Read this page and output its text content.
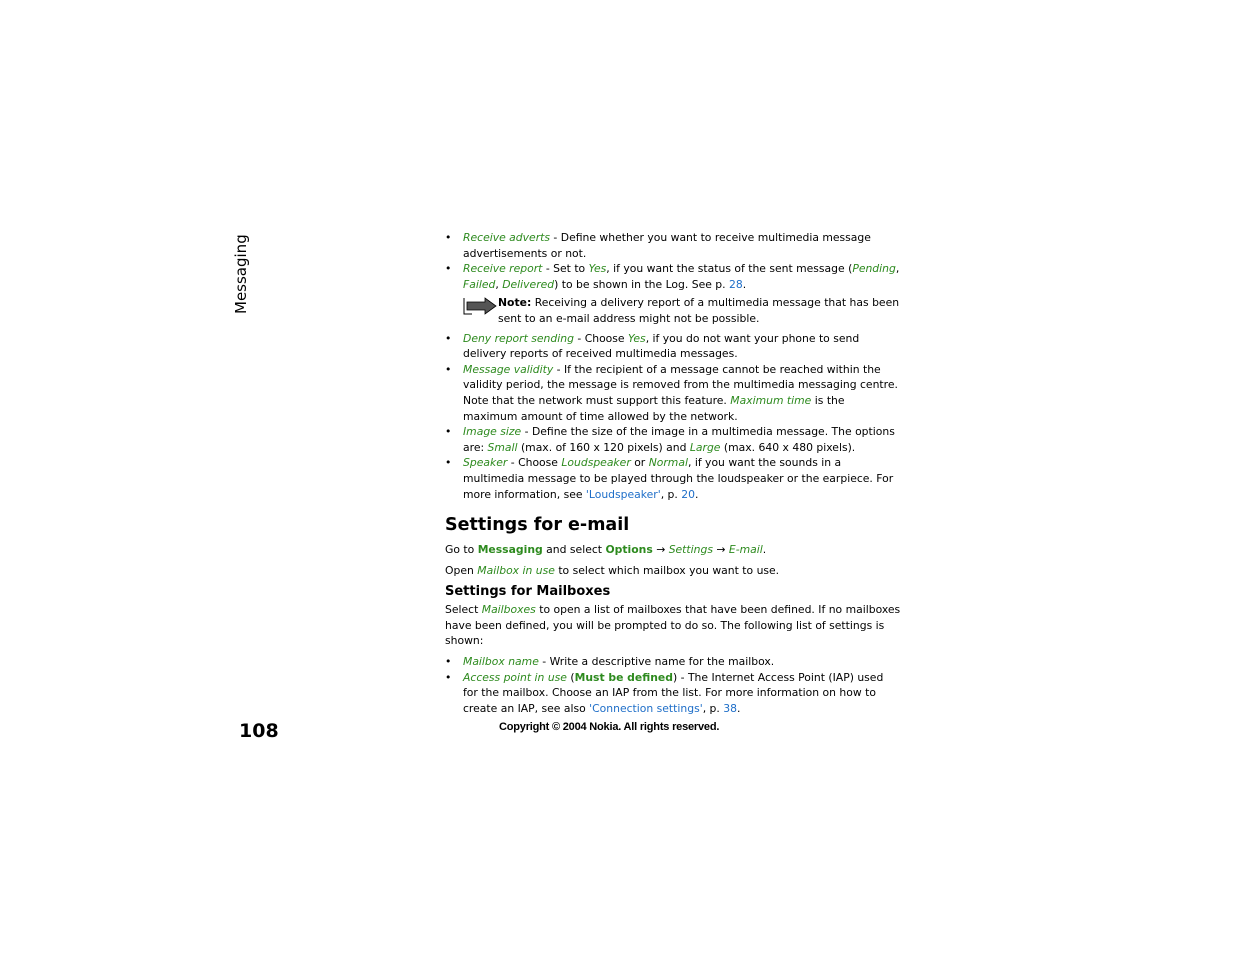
Messaging
•	Receive adverts - Define whether you want to receive multimedia message advertisements or not.
• Receive report - Set to Yes, if you want the status of the sent message (Pending, Failed, Delivered) to be shown in the Log. See p. 28.
Note: Receiving a delivery report of a multimedia message that has been sent to an e-mail address might not be possible.
• Deny report sending - Choose Yes, if you do not want your phone to send delivery reports of received multimedia messages.
• Message validity - If the recipient of a message cannot be reached within the validity period, the message is removed from the multimedia messaging centre. Note that the network must support this feature. Maximum time is the maximum amount of time allowed by the network.
• Image size - Define the size of the image in a multimedia message. The options are: Small (max. of 160 x 120 pixels) and Large (max. 640 x 480 pixels).
• Speaker - Choose Loudspeaker or Normal, if you want the sounds in a multimedia message to be played through the loudspeaker or the earpiece. For more information, see 'Loudspeaker', p. 20.
Settings for e-mail

Go to Messaging and select Options → Settings → E-mail.

Open Mailbox in use to select which mailbox you want to use.

Settings for Mailboxes

Select Mailboxes to open a list of mailboxes that have been defined. If no mailboxes have been defined, you will be prompted to do so. The following list of settings is shown:

• Mailbox name - Write a descriptive name for the mailbox.
• Access point in use (Must be defined) - The Internet Access Point (IAP) used for the mailbox. Choose an IAP from the list. For more information on how to create an IAP, see also 'Connection settings', p. 38.
108	Copyright © 2004 Nokia. All rights reserved.
